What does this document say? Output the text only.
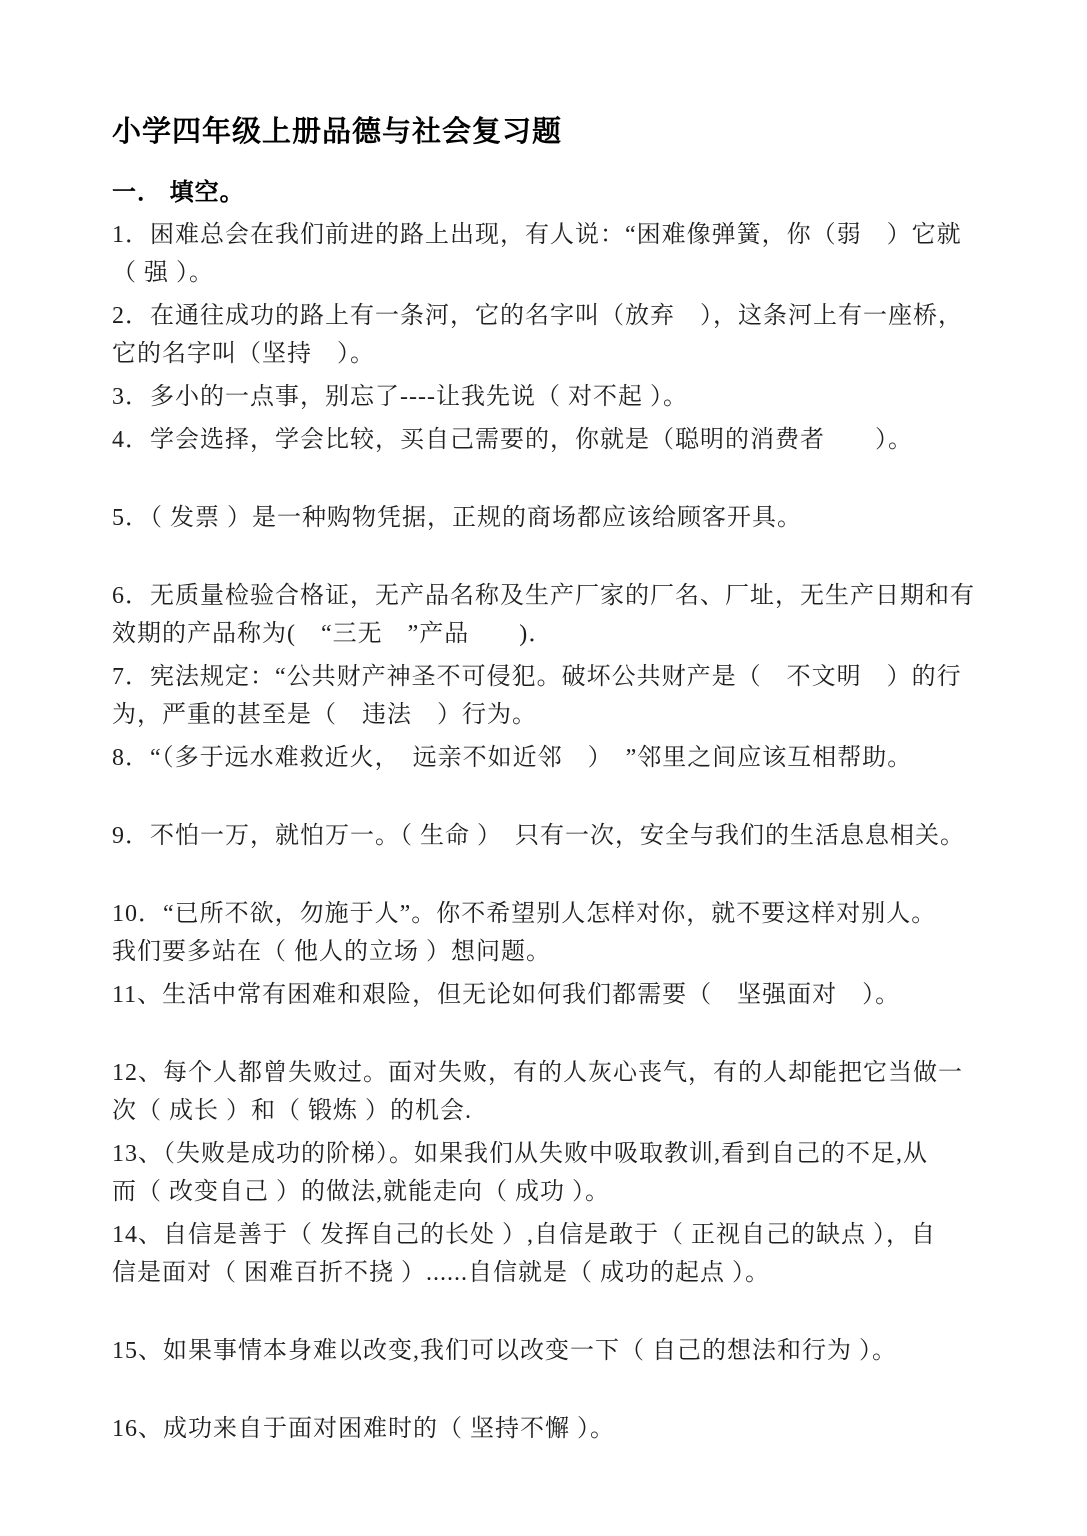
小学四年级上册品德与社会复习题
一． 填空。
1．困难总会在我们前进的路上出现，有人说：“困难像弹簧，你（弱　）它就
（ 强 ）。
2．在通往成功的路上有一条河，它的名字叫（放弃　），这条河上有一座桥，
它的名字叫（坚持　）。
3．多小的一点事，别忘了----让我先说（ 对不起 ）。
4．学会选择，学会比较，买自己需要的，你就是（聪明的消费者　　）。
5．（ 发票 ）是一种购物凭据，正规的商场都应该给顾客开具。
6．无质量检验合格证，无产品名称及生产厂家的厂名、厂址，无生产日期和有
效期的产品称为(　“三无　”产品　　)．
7．宪法规定：“公共财产神圣不可侵犯。破坏公共财产是（　不文明　）的行
为，严重的甚至是（　违法　）行为。
8．“（多于远水难救近火，　远亲不如近邻　）　”邻里之间应该互相帮助。
9．不怕一万，就怕万一。（ 生命 ）　只有一次，安全与我们的生活息息相关。
10．“已所不欲，勿施于人”。你不希望别人怎样对你，就不要这样对别人。
我们要多站在（ 他人的立场 ）想问题。
11、生活中常有困难和艰险，但无论如何我们都需要（　坚强面对　）。
12、每个人都曾失败过。面对失败，有的人灰心丧气，有的人却能把它当做一
次（ 成长 ）和（ 锻炼 ）的机会.
13、（失败是成功的阶梯）。如果我们从失败中吸取教训,看到自己的不足,从
而（ 改变自己 ）的做法,就能走向（ 成功 ）。
14、自信是善于（ 发挥自己的长处 ）,自信是敢于（ 正视自己的缺点 ），自
信是面对（ 困难百折不挠 ）......自信就是（ 成功的起点 ）。
15、如果事情本身难以改变,我们可以改变一下（ 自己的想法和行为 ）。
16、成功来自于面对困难时的（ 坚持不懈 ）。
